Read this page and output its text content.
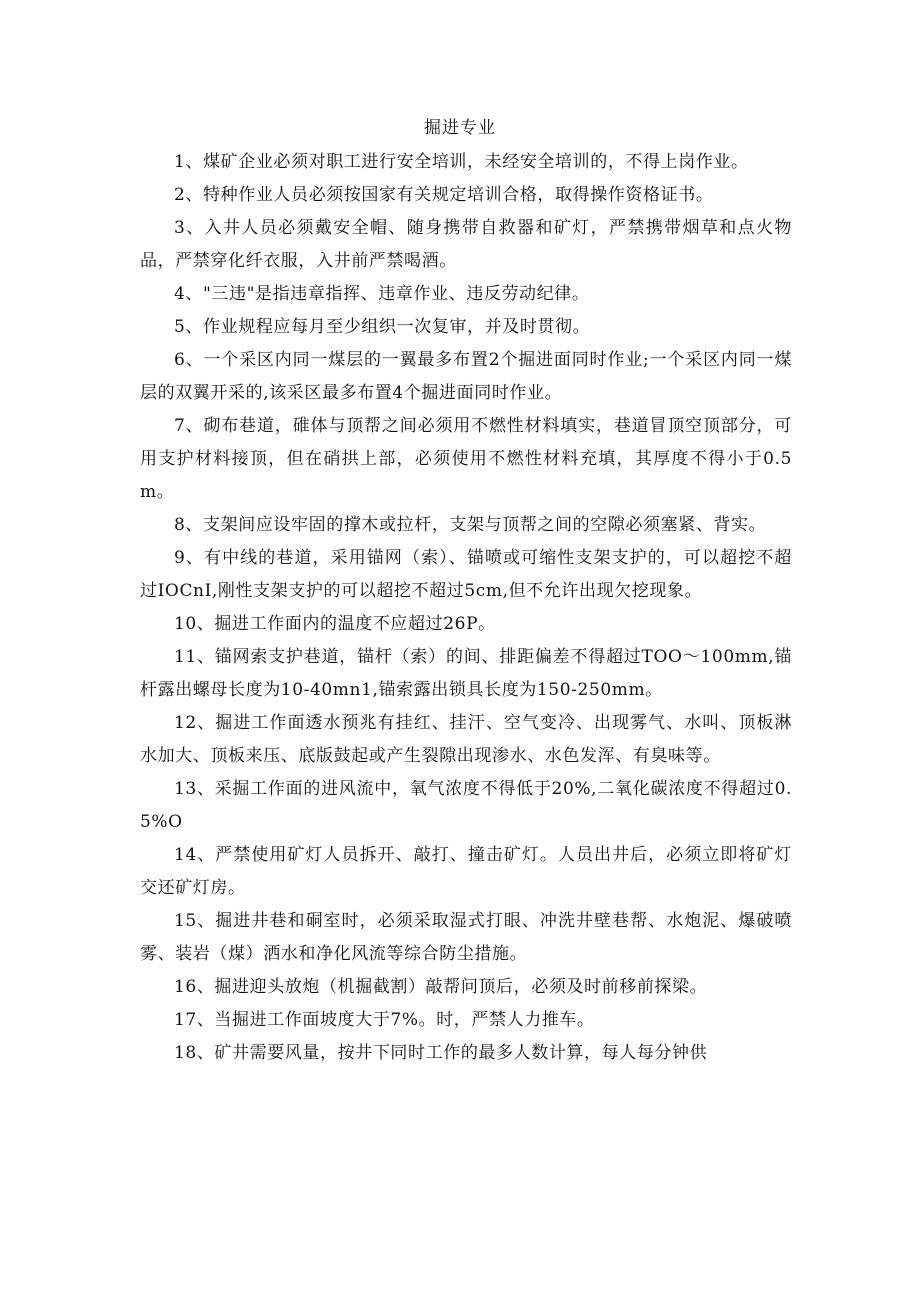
掘进专业

1、煤矿企业必须对职工进行安全培训，未经安全培训的，不得上岗作业。

2、特种作业人员必须按国家有关规定培训合格，取得操作资格证书。

3、入井人员必须戴安全帽、随身携带自救器和矿灯，严禁携带烟草和点火物品，严禁穿化纤衣服，入井前严禁喝酒。

4、"三违"是指违章指挥、违章作业、违反劳动纪律。

5、作业规程应每月至少组织一次复审，并及时贯彻。

6、一个采区内同一煤层的一翼最多布置2个掘进面同时作业;一个采区内同一煤层的双翼开采的,该采区最多布置4个掘进面同时作业。

7、砌布巷道，碓体与顶帮之间必须用不燃性材料填实，巷道冒顶空顶部分，可用支护材料接顶，但在硝拱上部，必须使用不燃性材料充填，其厚度不得小于0.5m。

8、支架间应设牢固的撑木或拉杆，支架与顶帮之间的空隙必须塞紧、背实。

9、有中线的巷道，采用锚网（索）、锚喷或可缩性支架支护的，可以超挖不超过IOCnI,刚性支架支护的可以超挖不超过5cm,但不允许出现欠挖现象。

10、掘进工作面内的温度不应超过26P。

11、锚网索支护巷道，锚杆（索）的间、排距偏差不得超过TOO～100mm,锚杆露出螺母长度为10-40mn1,锚索露出锁具长度为150-250mm。

12、掘进工作面透水预兆有挂红、挂汗、空气变冷、出现雾气、水叫、顶板淋水加大、顶板来压、底版鼓起或产生裂隙出现渗水、水色发浑、有臭味等。

13、采掘工作面的进风流中，氧气浓度不得低于20%,二氧化碳浓度不得超过0.5%O

14、严禁使用矿灯人员拆开、敲打、撞击矿灯。人员出井后，必须立即将矿灯交还矿灯房。

15、掘进井巷和硐室时，必须采取湿式打眼、冲洗井壁巷帮、水炮泥、爆破喷雾、装岩（煤）洒水和净化风流等综合防尘措施。

16、掘进迎头放炮（机掘截割）敲帮问顶后，必须及时前移前探梁。

17、当掘进工作面坡度大于7%。时，严禁人力推车。

18、矿井需要风量，按井下同时工作的最多人数计算，每人每分钟供
